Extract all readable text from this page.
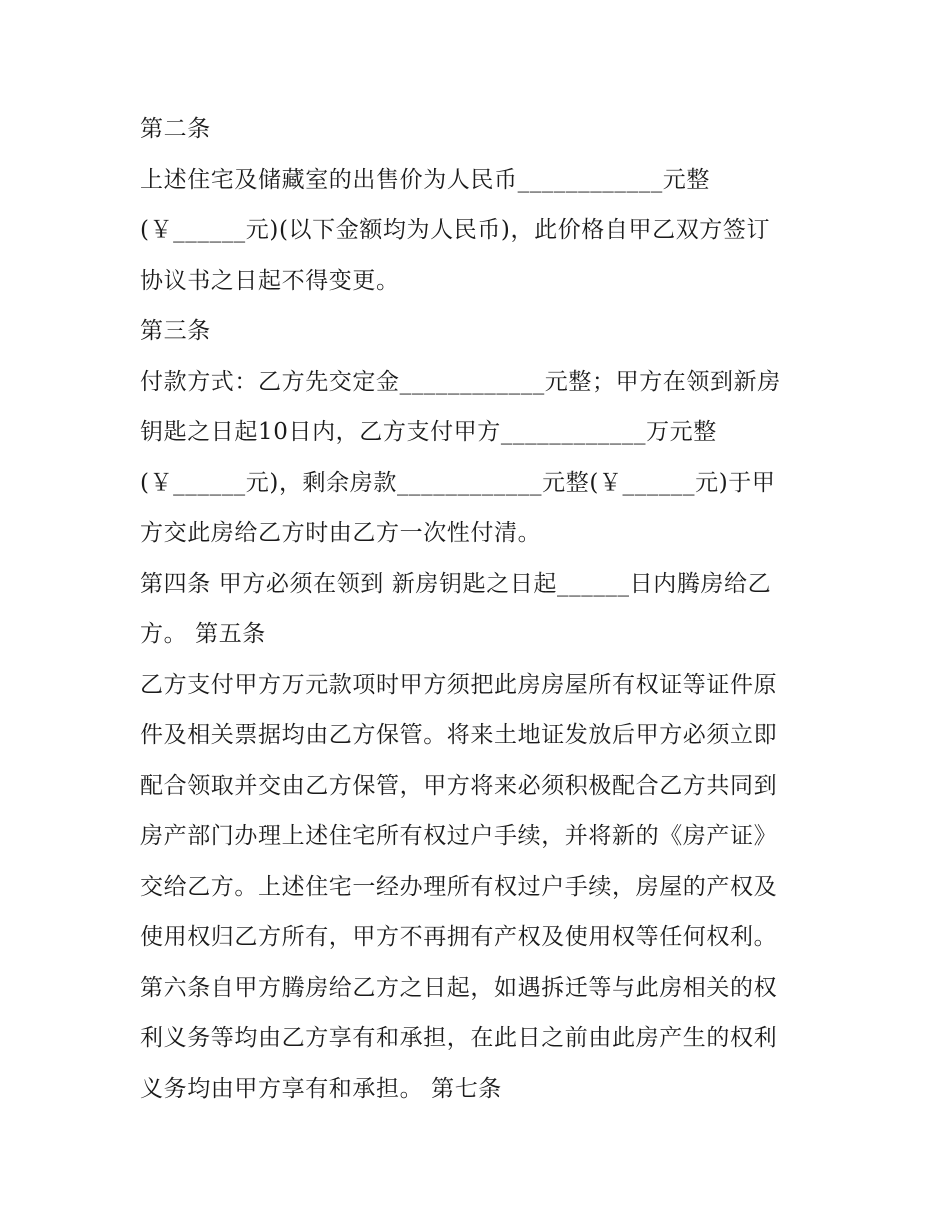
第二条
上述住宅及储藏室的出售价为人民币____________元整
(￥______元)(以下金额均为人民币)，此价格自甲乙双方签订
协议书之日起不得变更。
第三条
付款方式：乙方先交定金____________元整；甲方在领到新房
钥匙之日起10日内，乙方支付甲方____________万元整
(￥______元)，剩余房款____________元整(￥______元)于甲
方交此房给乙方时由乙方一次性付清。
第四条 甲方必须在领到 新房钥匙之日起______日内腾房给乙
方。 第五条
乙方支付甲方万元款项时甲方须把此房房屋所有权证等证件原
件及相关票据均由乙方保管。将来土地证发放后甲方必须立即
配合领取并交由乙方保管，甲方将来必须积极配合乙方共同到
房产部门办理上述住宅所有权过户手续，并将新的《房产证》
交给乙方。上述住宅一经办理所有权过户手续，房屋的产权及
使用权归乙方所有，甲方不再拥有产权及使用权等任何权利。
第六条自甲方腾房给乙方之日起，如遇拆迁等与此房相关的权
利义务等均由乙方享有和承担，在此日之前由此房产生的权利
义务均由甲方享有和承担。 第七条
